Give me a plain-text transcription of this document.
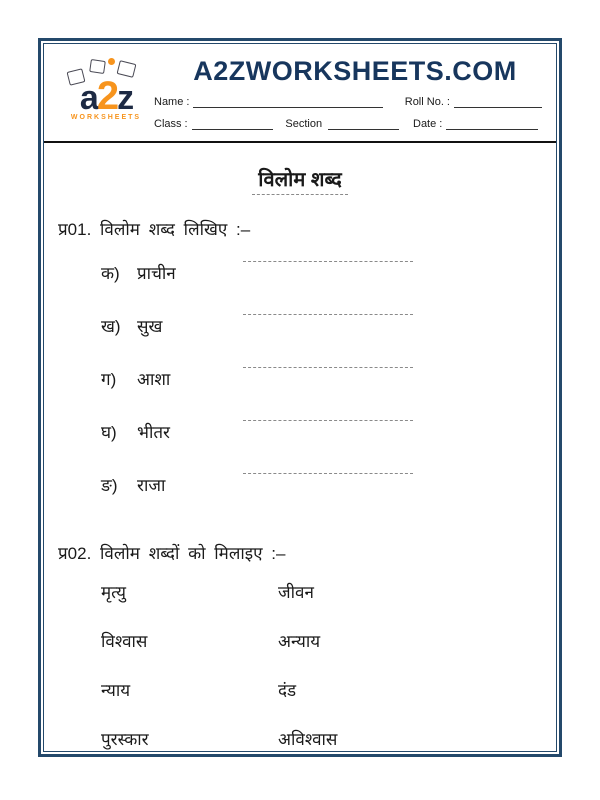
a2z
WORKSHEETS
A2ZWORKSHEETS.COM
Name :	Roll No. :
Class :	Section	Date :
विलोम शब्द
प्र01. विलोम शब्द लिखिए :–
क)	प्राचीन
ख) सुख
ग)	आशा
घ)	भीतर
ङ)	राजा
प्र02. विलोम शब्दों को मिलाइए :–
मृत्यु	जीवन
विश्वास	अन्याय
न्याय	दंड
पुरस्कार	अविश्वास
